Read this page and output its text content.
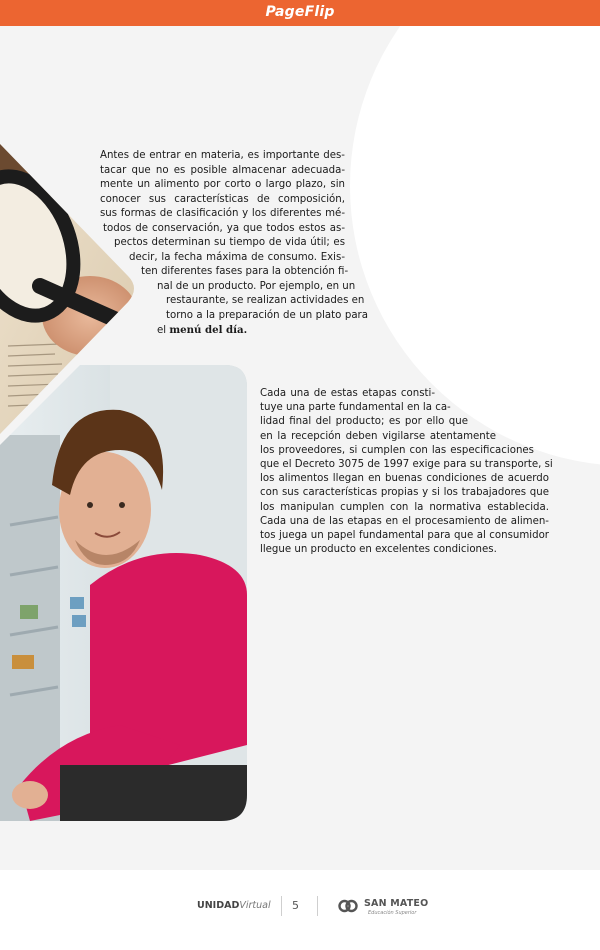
PageFlip
Antes de entrar en materia, es importante des-
tacar que no es posible almacenar adecuada-
mente un alimento por corto o largo plazo, sin
conocer sus características de composición,
sus formas de clasificación y los diferentes mé-
todos de conservación, ya que todos estos as-
pectos determinan su tiempo de vida útil; es
decir, la fecha máxima de consumo. Exis-
ten diferentes fases para la obtención fi-
nal de un producto. Por ejemplo, en un
restaurante, se realizan actividades en
torno a la preparación de un plato para
el menú del día.
Cada una de estas etapas consti-
tuye una parte fundamental en la ca-
lidad final del producto; es por ello que
en la recepción deben vigilarse atentamente
los proveedores, si cumplen con las especificaciones
que el Decreto 3075 de 1997 exige para su transporte, si
los alimentos llegan en buenas condiciones de acuerdo
con sus características propias y si los trabajadores que
los manipulan cumplen con la normativa establecida.
Cada una de las etapas en el procesamiento de alimen-
tos juega un papel fundamental para que al consumidor
llegue un producto en excelentes condiciones.
UNIDADVirtual 5	SAN MATEO
Educación Superior
